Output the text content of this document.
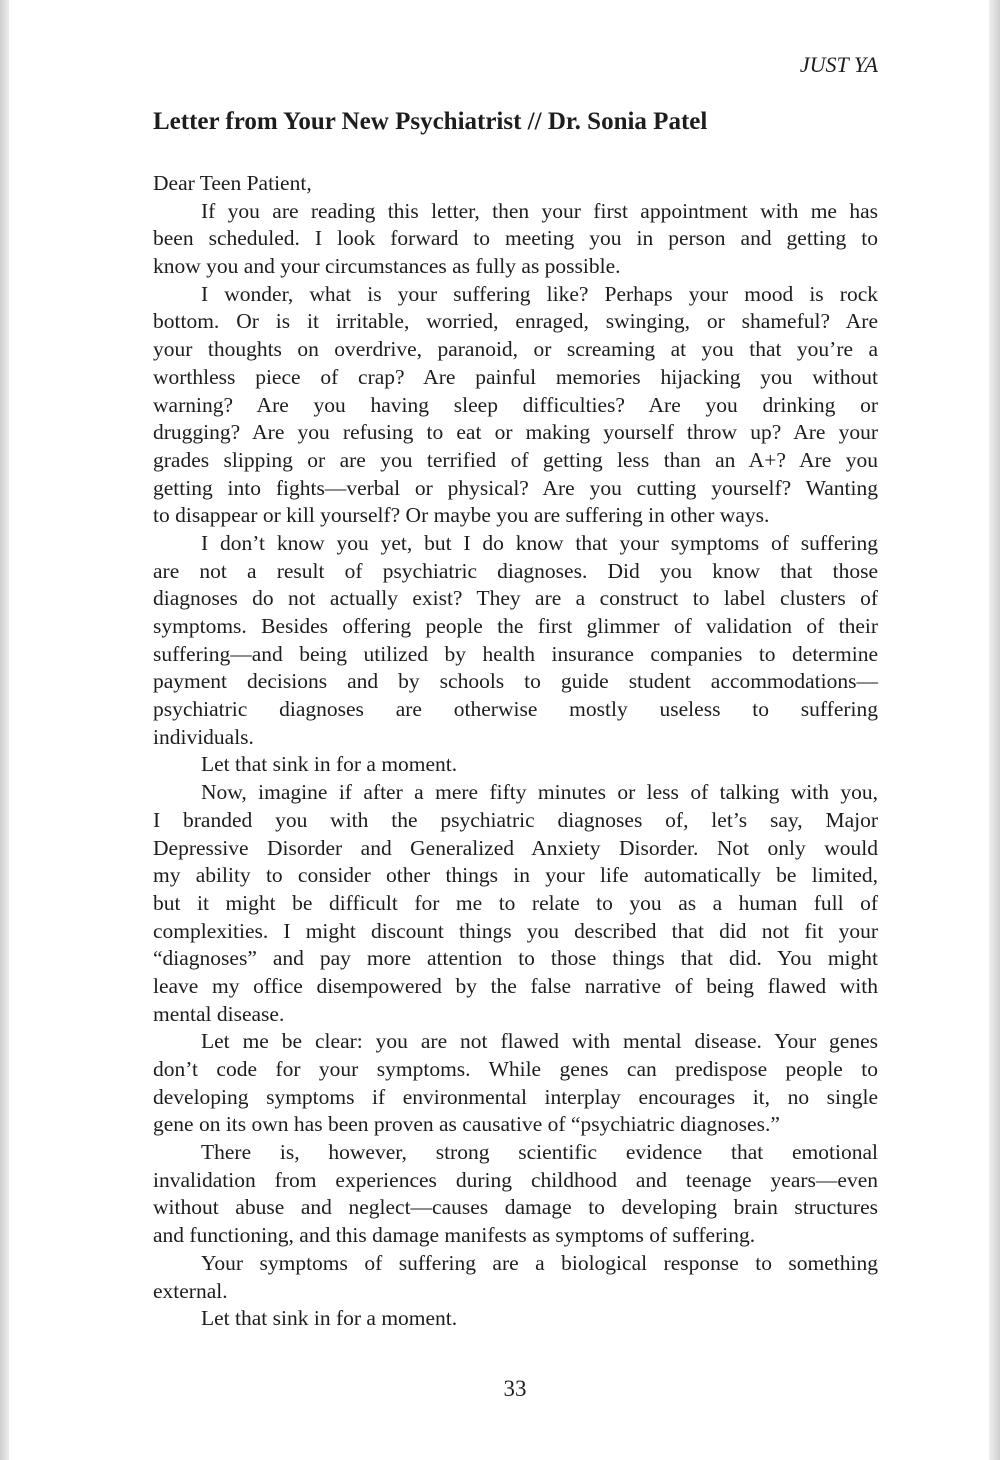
JUST YA
Letter from Your New Psychiatrist // Dr. Sonia Patel
Dear Teen Patient,
If you are reading this letter, then your first appointment with me has
been scheduled. I look forward to meeting you in person and getting to
know you and your circumstances as fully as possible.
I wonder, what is your suffering like? Perhaps your mood is rock
bottom. Or is it irritable, worried, enraged, swinging, or shameful? Are
your thoughts on overdrive, paranoid, or screaming at you that you’re a
worthless piece of crap? Are painful memories hijacking you without
warning? Are you having sleep difficulties? Are you drinking or
drugging? Are you refusing to eat or making yourself throw up? Are your
grades slipping or are you terrified of getting less than an A+? Are you
getting into fights—verbal or physical? Are you cutting yourself? Wanting
to disappear or kill yourself? Or maybe you are suffering in other ways.
I don’t know you yet, but I do know that your symptoms of suffering
are not a result of psychiatric diagnoses. Did you know that those
diagnoses do not actually exist? They are a construct to label clusters of
symptoms. Besides offering people the first glimmer of validation of their
suffering—and being utilized by health insurance companies to determine
payment decisions and by schools to guide student accommodations—
psychiatric diagnoses are otherwise mostly useless to suffering
individuals.
Let that sink in for a moment.
Now, imagine if after a mere fifty minutes or less of talking with you,
I branded you with the psychiatric diagnoses of, let’s say, Major
Depressive Disorder and Generalized Anxiety Disorder. Not only would
my ability to consider other things in your life automatically be limited,
but it might be difficult for me to relate to you as a human full of
complexities. I might discount things you described that did not fit your
“diagnoses” and pay more attention to those things that did. You might
leave my office disempowered by the false narrative of being flawed with
mental disease.
Let me be clear: you are not flawed with mental disease. Your genes
don’t code for your symptoms. While genes can predispose people to
developing symptoms if environmental interplay encourages it, no single
gene on its own has been proven as causative of “psychiatric diagnoses.”
There is, however, strong scientific evidence that emotional
invalidation from experiences during childhood and teenage years—even
without abuse and neglect—causes damage to developing brain structures
and functioning, and this damage manifests as symptoms of suffering.
Your symptoms of suffering are a biological response to something
external.
Let that sink in for a moment.
33
